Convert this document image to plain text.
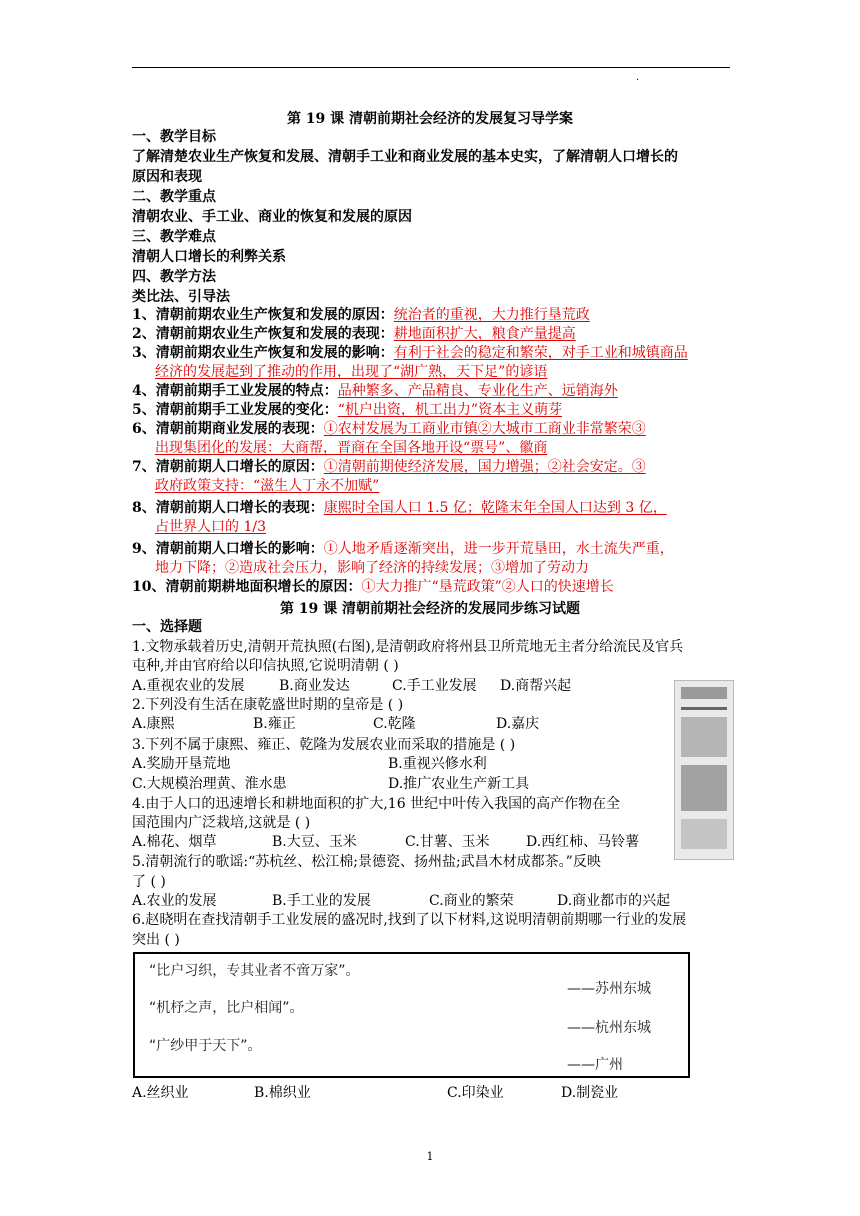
.
第 19 课 清朝前期社会经济的发展复习导学案
一、教学目标
了解清楚农业生产恢复和发展、清朝手工业和商业发展的基本史实，了解清朝人口增长的
原因和表现
二、教学重点
清朝农业、手工业、商业的恢复和发展的原因
三、教学难点
清朝人口增长的利弊关系
四、教学方法
类比法、引导法
1、清朝前期农业生产恢复和发展的原因：统治者的重视，大力推行垦荒政
2、清朝前期农业生产恢复和发展的表现：耕地面积扩大，粮食产量提高
3、清朝前期农业生产恢复和发展的影响：有利于社会的稳定和繁荣，对手工业和城镇商品
经济的发展起到了推动的作用，出现了“湖广熟，天下足”的谚语
4、清朝前期手工业发展的特点：品种繁多、产品精良、专业化生产、远销海外
5、清朝前期手工业发展的变化：“机户出资，机工出力”资本主义萌芽
6、清朝前期商业发展的表现：①农村发展为工商业市镇②大城市工商业非常繁荣③
出现集团化的发展：大商帮，晋商在全国各地开设“票号”、徽商
7、清朝前期人口增长的原因：①清朝前期使经济发展，国力增强；②社会安定。③
政府政策支持：“滋生人丁永不加赋”
8、清朝前期人口增长的表现：康熙时全国人口 1.5 亿；乾隆末年全国人口达到 3 亿，
占世界人口的 1/3
9、清朝前期人口增长的影响：①人地矛盾逐渐突出，进一步开荒垦田，水土流失严重，
地力下降；②造成社会压力，影响了经济的持续发展；③增加了劳动力
10、清朝前期耕地面积增长的原因：①大力推广“垦荒政策”②人口的快速增长
第 19 课 清朝前期社会经济的发展同步练习试题
一、选择题
1.文物承载着历史,清朝开荒执照(右图),是清朝政府将州县卫所荒地无主者分给流民及官兵
屯种,并由官府给以印信执照,它说明清朝 ( )
A.重视农业的发展 B.商业发达	C.手工业发展 D.商帮兴起
2.下列没有生活在康乾盛世时期的皇帝是 ( )
A.康熙	B.雍正	C.乾隆	D.嘉庆
3.下列不属于康熙、雍正、乾隆为发展农业而采取的措施是 ( )
A.奖励开垦荒地	B.重视兴修水利
C.大规模治理黄、淮水患	D.推广农业生产新工具
4.由于人口的迅速增长和耕地面积的扩大,16 世纪中叶传入我国的高产作物在全
国范围内广泛栽培,这就是 ( )
A.棉花、烟草	B.大豆、玉米	C.甘薯、玉米	D.西红柿、马铃薯
5.清朝流行的歌谣:“苏杭丝、松江棉;景德瓷、扬州盐;武昌木材成都茶。”反映
了 ( )
A.农业的发展	B.手工业的发展	C.商业的繁荣	D.商业都市的兴起
6.赵晓明在查找清朝手工业发展的盛况时,找到了以下材料,这说明清朝前期哪一行业的发展
突出 ( )
“比户习织，专其业者不啻万家”。
——苏州东城
“机杼之声，比户相闻”。
——杭州东城
“广纱甲于天下”。
——广州
A.丝织业	B.棉织业	C.印染业	D.制瓷业
1
